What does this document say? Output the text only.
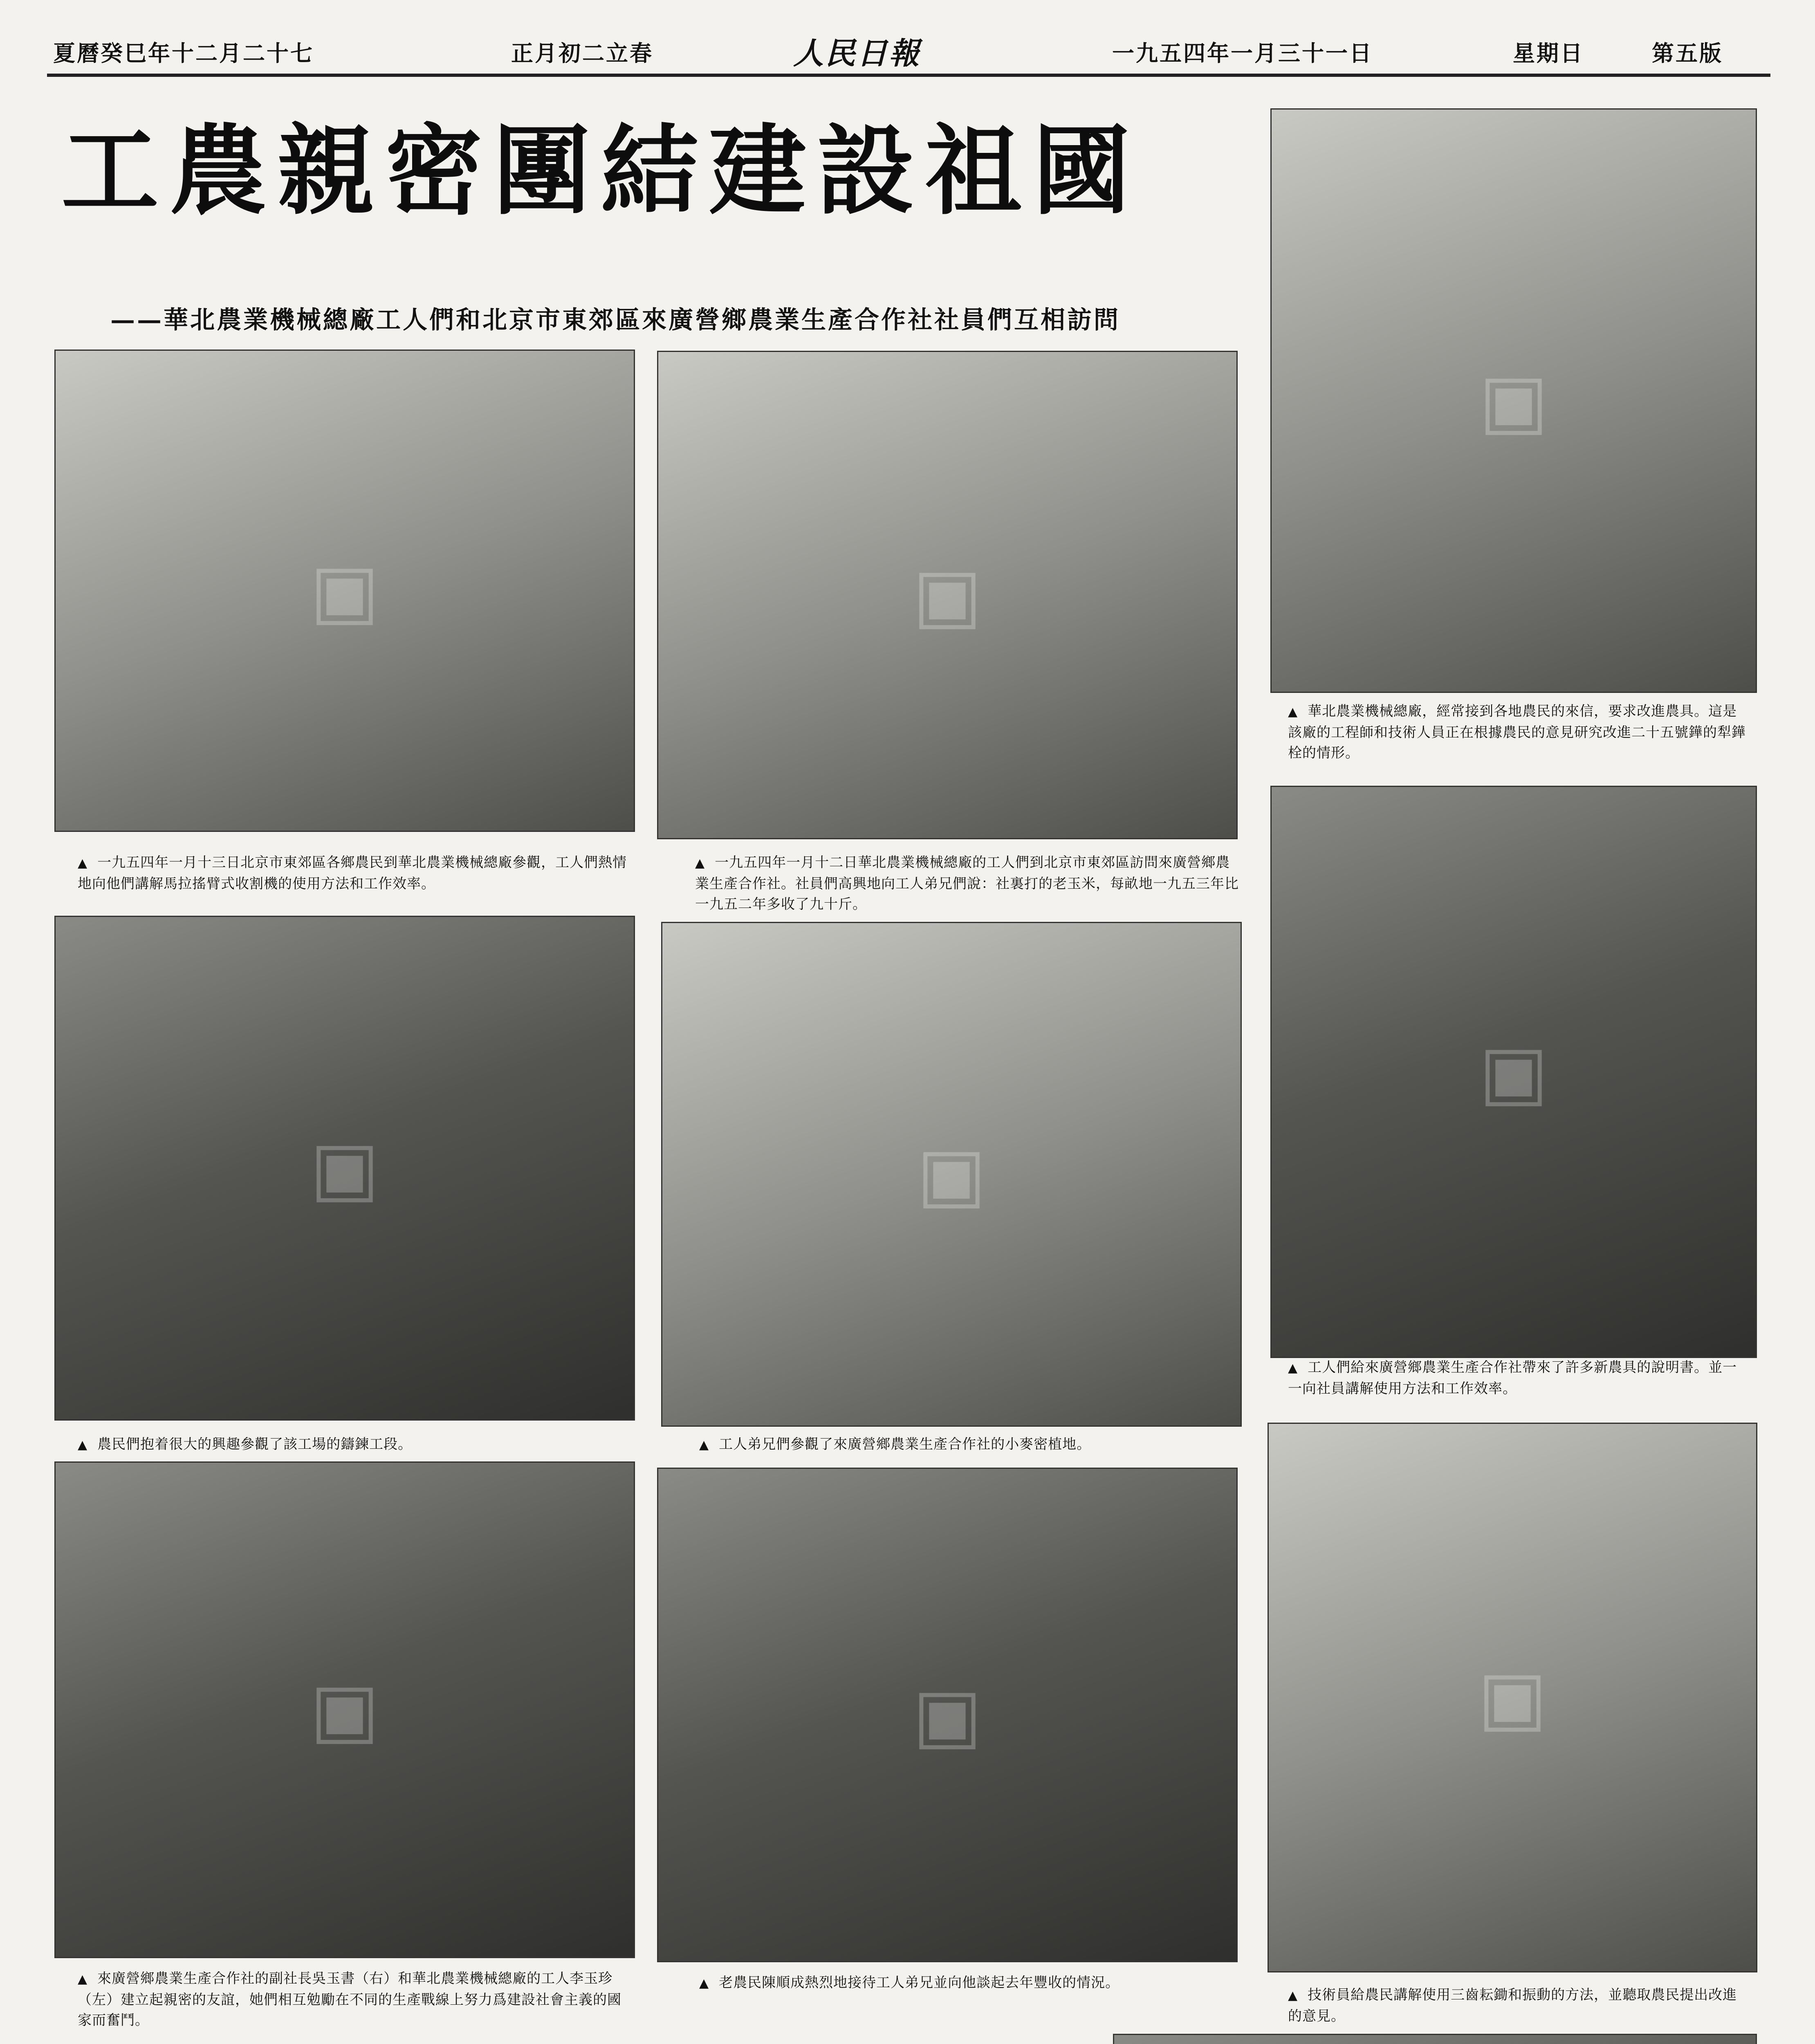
夏曆癸巳年十二月二十七	正月初二立春	人民日報	一九五四年一月三十一日	星期日	第五版
工農親密團結建設祖國
——華北農業機械總廠工人們和北京市東郊區來廣營鄉農業生產合作社社員們互相訪問
▣	▣
▣
▲ 一九五四年一月十三日北京市東郊區各鄉農民到華北農業機械總廠參觀，工人們熱情地向他們講解馬拉搖臂式收割機的使用方法和工作效率。
▲ 一九五四年一月十二日華北農業機械總廠的工人們到北京市東郊區訪問來廣營鄉農業生產合作社。社員們高興地向工人弟兄們說：社裏打的老玉米，每畝地一九五三年比一九五二年多收了九十斤。
▲ 華北農業機械總廠，經常接到各地農民的來信，要求改進農具。這是該廠的工程師和技術人員正在根據農民的意見研究改進二十五號鏵的犁鏵栓的情形。
▣	▣
▣
▲ 農民們抱着很大的興趣參觀了該工場的鑄鍊工段。	▲ 工人弟兄們參觀了來廣營鄉農業生產合作社的小麥密植地。
▲ 工人們給來廣營鄉農業生產合作社帶來了許多新農具的說明書。並一一向社員講解使用方法和工作效率。
▣	▣	▣
▲ 來廣營鄉農業生產合作社的副社長吳玉書（右）和華北農業機械總廠的工人李玉珍（左）建立起親密的友誼，她們相互勉勵在不同的生產戰線上努力爲建設社會主義的國家而奮鬥。
▲ 老農民陳順成熱烈地接待工人弟兄並向他談起去年豐收的情況。
▲ 技術員給農民講解使用三齒耘鋤和振動的方法，並聽取農民提出改進的意見。
